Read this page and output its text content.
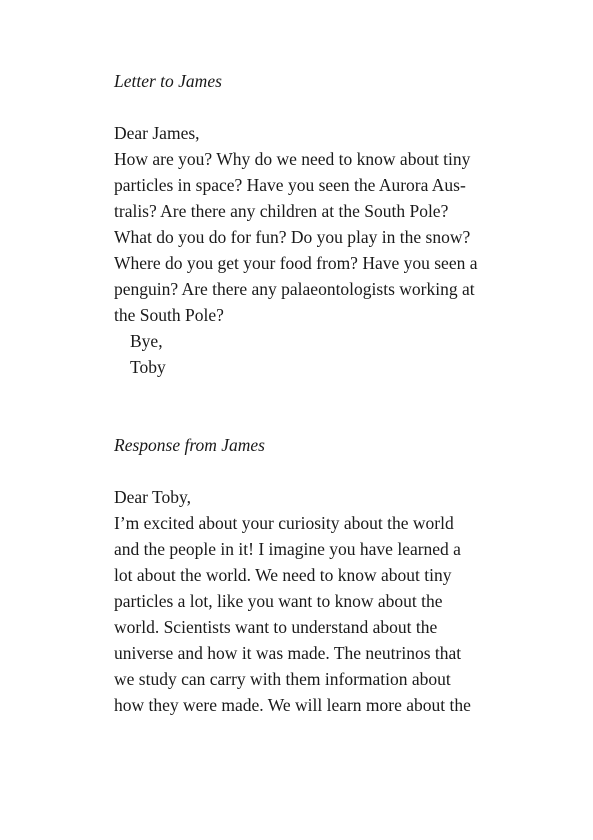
Letter to James

Dear James,

How are you? Why do we need to know about tiny

particles in space? Have you seen the Aurora Aus-

tralis? Are there any children at the South Pole?

What do you do for fun? Do you play in the snow?

Where do you get your food from? Have you seen a

penguin? Are there any palaeontologists working at

the South Pole?

Bye,

Toby

Response from James

Dear Toby,

I’m excited about your curiosity about the world

and the people in it! I imagine you have learned a

lot about the world. We need to know about tiny

particles a lot, like you want to know about the

world. Scientists want to understand about the

universe and how it was made. The neutrinos that

we study can carry with them information about

how they were made. We will learn more about the
